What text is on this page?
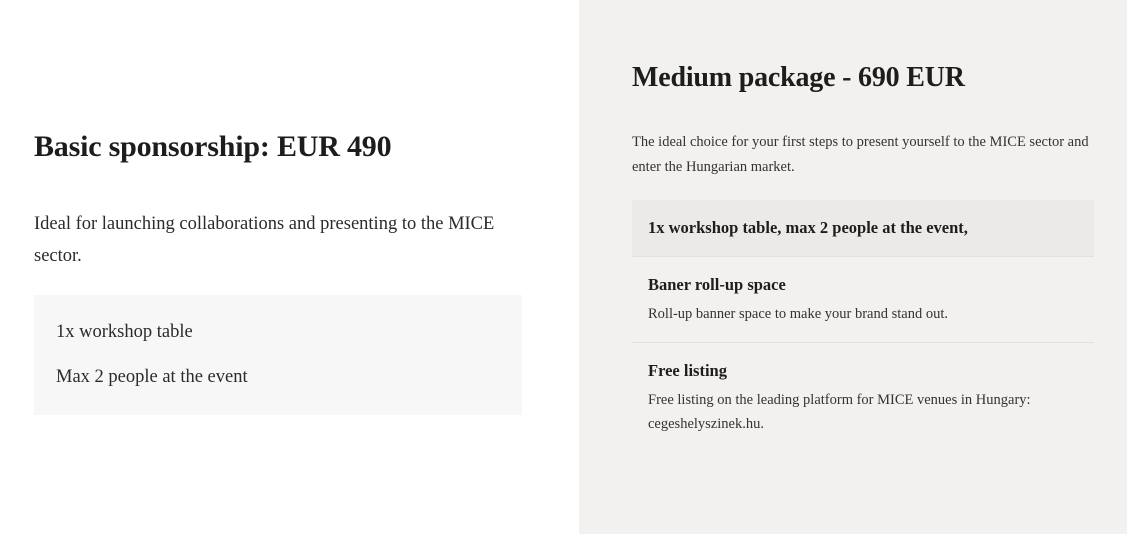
Basic sponsorship: EUR 490

Ideal for launching collaborations and presenting to the MICE sector.

1x workshop table

Max 2 people at the event

Medium package - 690 EUR

The ideal choice for your first steps to present yourself to the MICE sector and enter the Hungarian market.

1x workshop table, max 2 people at the event,

Baner roll-up space

Roll-up banner space to make your brand stand out.

Free listing

Free listing on the leading platform for MICE venues in Hungary: cegeshelyszinek.hu.
